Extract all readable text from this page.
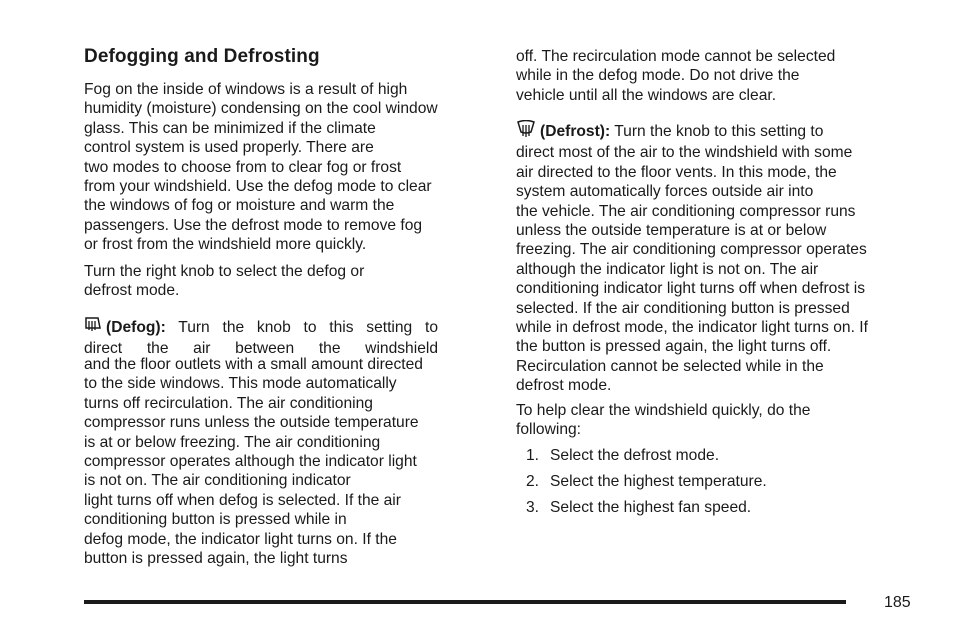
Defogging and Defrosting

Fog on the inside of windows is a result of high
humidity (moisture) condensing on the cool window
glass. This can be minimized if the climate
control system is used properly. There are
two modes to choose from to clear fog or frost
from your windshield. Use the defog mode to clear
the windows of fog or moisture and warm the
passengers. Use the defrost mode to remove fog
or frost from the windshield more quickly.

Turn the right knob to select the defog or
defrost mode.

(Defog): Turn the knob to this setting to
direct the air between the windshield

and the floor outlets with a small amount directed
to the side windows. This mode automatically
turns off recirculation. The air conditioning
compressor runs unless the outside temperature
is at or below freezing. The air conditioning
compressor operates although the indicator light
is not on. The air conditioning indicator
light turns off when defog is selected. If the air
conditioning button is pressed while in
defog mode, the indicator light turns on. If the
button is pressed again, the light turns

off. The recirculation mode cannot be selected
while in the defog mode. Do not drive the
vehicle until all the windows are clear.

(Defrost): Turn the knob to this setting to
direct most of the air to the windshield with some
air directed to the floor vents. In this mode, the
system automatically forces outside air into
the vehicle. The air conditioning compressor runs
unless the outside temperature is at or below
freezing. The air conditioning compressor operates
although the indicator light is not on. The air
conditioning indicator light turns off when defrost is
selected. If the air conditioning button is pressed
while in defrost mode, the indicator light turns on. If
the button is pressed again, the light turns off.
Recirculation cannot be selected while in the
defrost mode.

To help clear the windshield quickly, do the
following:

1. Select the defrost mode.
2. Select the highest temperature.
3. Select the highest fan speed.
185
